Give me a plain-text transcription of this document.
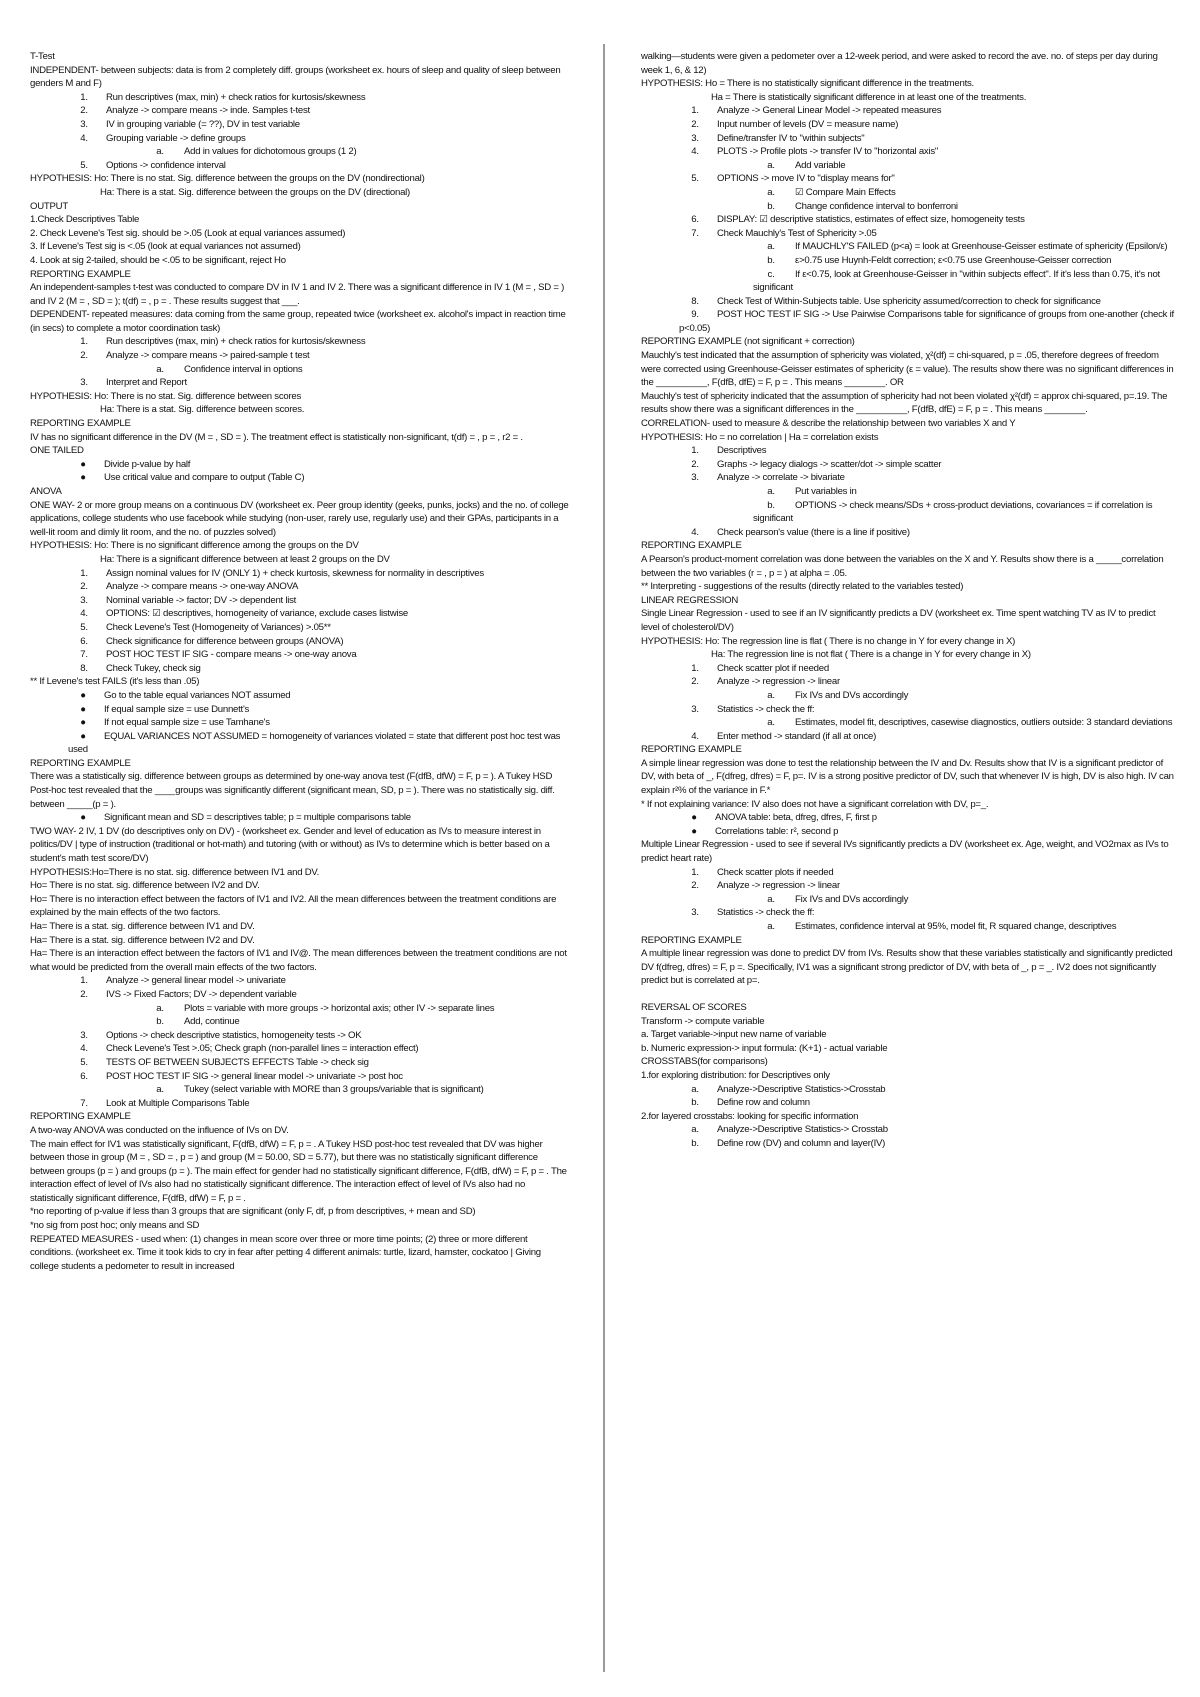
T-Test

INDEPENDENT- between subjects: data is from 2 completely diff. groups (worksheet ex. hours of sleep and quality of sleep between genders M and F)

1. Run descriptives (max, min) + check ratios for kurtosis/skewness

2. Analyze -> compare means -> inde. Samples t-test

3. IV in grouping variable (= ??), DV in test variable

4. Grouping variable -> define groups

a. Add in values for dichotomous groups (1 2)

5. Options -> confidence interval

HYPOTHESIS: Ho: There is no stat. Sig. difference between the groups on the DV (nondirectional)

Ha: There is a stat. Sig. difference between the groups on the DV (directional)

OUTPUT

1.Check Descriptives Table

2. Check Levene's Test sig. should be >.05 (Look at equal variances assumed)

3. If Levene's Test sig is <.05 (look at equal variances not assumed)

4. Look at sig 2-tailed, should be <.05 to be significant, reject Ho

REPORTING EXAMPLE

An independent-samples t-test was conducted to compare DV in IV 1 and IV 2. There was a significant difference in IV 1 (M = , SD = ) and IV 2 (M = , SD = ); t(df) = , p = . These results suggest that ___.

DEPENDENT- repeated measures: data coming from the same group, repeated twice (worksheet ex. alcohol's impact in reaction time (in secs) to complete a motor coordination task)

1. Run descriptives (max, min) + check ratios for kurtosis/skewness

2. Analyze -> compare means -> paired-sample t test

a. Confidence interval in options

3. Interpret and Report

HYPOTHESIS: Ho: There is no stat. Sig. difference between scores

Ha: There is a stat. Sig. difference between scores.

REPORTING EXAMPLE

IV has no significant difference in the DV (M = , SD = ). The treatment effect is statistically non-significant, t(df) = , p = , r2 = .

ONE TAILED

● Divide p-value by half

● Use critical value and compare to output (Table C)

ANOVA

ONE WAY- 2 or more group means on a continuous DV (worksheet ex. Peer group identity (geeks, punks, jocks) and the no. of college applications, college students who use facebook while studying (non-user, rarely use, regularly use) and their GPAs, participants in a well-lit room and dimly lit room, and the no. of puzzles solved)

HYPOTHESIS: Ho: There is no significant difference among the groups on the DV

Ha: There is a significant difference between at least 2 groups on the DV

1. Assign nominal values for IV (ONLY 1) + check kurtosis, skewness for normality in descriptives

2. Analyze -> compare means -> one-way ANOVA

3. Nominal variable -> factor; DV -> dependent list

4. OPTIONS: ☑ descriptives, homogeneity of variance, exclude cases listwise

5. Check Levene's Test (Homogeneity of Variances) >.05**

6. Check significance for difference between groups (ANOVA)

7. POST HOC TEST IF SIG - compare means -> one-way anova

8. Check Tukey, check sig

** If Levene's test FAILS (it's less than .05)

● Go to the table equal variances NOT assumed

● If equal sample size = use Dunnett's

● If not equal sample size = use Tamhane's

● EQUAL VARIANCES NOT ASSUMED = homogeneity of variances violated = state that different post hoc test was used

REPORTING EXAMPLE

There was a statistically sig. difference between groups as determined by one-way anova test (F(dfB, dfW) = F, p = ). A Tukey HSD Post-hoc test revealed that the ____groups was significantly different (significant mean, SD, p = ). There was no statistically sig. diff. between _____(p = ).

● Significant mean and SD = descriptives table; p = multiple comparisons table

TWO WAY- 2 IV, 1 DV (do descriptives only on DV) - (worksheet ex. Gender and level of education as IVs to measure interest in politics/DV | type of instruction (traditional or hot-math) and tutoring (with or without) as IVs to determine which is better based on a student's math test score/DV)

HYPOTHESIS:Ho=There is no stat. sig. difference between IV1 and DV.

Ho= There is no stat. sig. difference between IV2 and DV.

Ho= There is no interaction effect between the factors of IV1 and IV2. All the mean differences between the treatment conditions are explained by the main effects of the two factors.

Ha= There is a stat. sig. difference between IV1 and DV.

Ha= There is a stat. sig. difference between IV2 and DV.

Ha= There is an interaction effect between the factors of IV1 and IV@. The mean differences between the treatment conditions are not what would be predicted from the overall main effects of the two factors.

1. Analyze -> general linear model -> univariate

2. IVS -> Fixed Factors; DV -> dependent variable

a. Plots = variable with more groups -> horizontal axis; other IV -> separate lines

b. Add, continue

3. Options -> check descriptive statistics, homogeneity tests -> OK

4. Check Levene's Test >.05; Check graph (non-parallel lines = interaction effect)

5. TESTS OF BETWEEN SUBJECTS EFFECTS Table -> check sig

6. POST HOC TEST IF SIG -> general linear model -> univariate -> post hoc

a. Tukey (select variable with MORE than 3 groups/variable that is significant)

7. Look at Multiple Comparisons Table

REPORTING EXAMPLE

A two-way ANOVA was conducted on the influence of IVs on DV.

The main effect for IV1 was statistically significant, F(dfB, dfW) = F, p = . A Tukey HSD post-hoc test revealed that DV was higher between those in group (M = , SD = , p = ) and group (M = 50.00, SD = 5.77), but there was no statistically significant difference between groups (p = ) and groups (p = ). The main effect for gender had no statistically significant difference, F(dfB, dfW) = F, p = . The interaction effect of level of IVs also had no statistically significant difference. The interaction effect of level of IVs also had no statistically significant difference, F(dfB, dfW) = F, p = .

*no reporting of p-value if less than 3 groups that are significant (only F, df, p from descriptives, + mean and SD)

*no sig from post hoc; only means and SD

REPEATED MEASURES - used when: (1) changes in mean score over three or more time points; (2) three or more different conditions. (worksheet ex. Time it took kids to cry in fear after petting 4 different animals: turtle, lizard, hamster, cockatoo | Giving college students a pedometer to result in increased

walking—students were given a pedometer over a 12-week period, and were asked to record the ave. no. of steps per day during week 1, 6, & 12)

HYPOTHESIS: Ho = There is no statistically significant difference in the treatments.

Ha = There is statistically significant difference in at least one of the treatments.

1. Analyze -> General Linear Model -> repeated measures

2. Input number of levels (DV = measure name)

3. Define/transfer IV to "within subjects"

4. PLOTS -> Profile plots -> transfer IV to "horizontal axis"

a. Add variable

5. OPTIONS -> move IV to "display means for"

a. ☑ Compare Main Effects

b. Change confidence interval to bonferroni

6. DISPLAY: ☑ descriptive statistics, estimates of effect size, homogeneity tests

7. Check Mauchly's Test of Sphericity >.05

a. If MAUCHLY'S FAILED (p<a) = look at Greenhouse-Geisser estimate of sphericity (Epsilon/ε)

b. ε>0.75 use Huynh-Feldt correction; ε<0.75 use Greenhouse-Geisser correction

c. If ε<0.75, look at Greenhouse-Geisser in "within subjects effect". If it's less than 0.75, it's not significant

8. Check Test of Within-Subjects table. Use sphericity assumed/correction to check for significance

9. POST HOC TEST IF SIG -> Use Pairwise Comparisons table for significance of groups from one-another (check if p<0.05)

REPORTING EXAMPLE (not significant + correction)

Mauchly's test indicated that the assumption of sphericity was violated, χ²(df) = chi-squared, p = .05, therefore degrees of freedom were corrected using Greenhouse-Geisser estimates of sphericity (ε = value). The results show there was no significant differences in the __________, F(dfB, dfE) = F, p = . This means ________. OR

Mauchly's test of sphericity indicated that the assumption of sphericity had not been violated χ²(df) = approx chi-squared, p=.19. The results show there was a significant differences in the __________, F(dfB, dfE) = F, p = . This means ________.

CORRELATION- used to measure & describe the relationship between two variables X and Y

HYPOTHESIS: Ho = no correlation | Ha = correlation exists

1. Descriptives

2. Graphs -> legacy dialogs -> scatter/dot -> simple scatter

3. Analyze -> correlate -> bivariate

a. Put variables in

b. OPTIONS -> check means/SDs + cross-product deviations, covariances = if correlation is significant

4. Check pearson's value (there is a line if positive)

REPORTING EXAMPLE

A Pearson's product-moment correlation was done between the variables on the X and Y. Results show there is a _____correlation between the two variables (r = , p = ) at alpha = .05.

** Interpreting - suggestions of the results (directly related to the variables tested)

LINEAR REGRESSION

Single Linear Regression - used to see if an IV significantly predicts a DV (worksheet ex. Time spent watching TV as IV to predict level of cholesterol/DV)

HYPOTHESIS: Ho: The regression line is flat ( There is no change in Y for every change in X)

Ha: The regression line is not flat ( There is a change in Y for every change in X)

1. Check scatter plot if needed

2. Analyze -> regression -> linear

a. Fix IVs and DVs accordingly

3. Statistics -> check the ff:

a. Estimates, model fit, descriptives, casewise diagnostics, outliers outside: 3 standard deviations

4. Enter method -> standard (if all at once)

REPORTING EXAMPLE

A simple linear regression was done to test the relationship between the IV and Dv. Results show that IV is a significant predictor of DV, with beta of _, F(dfreg, dfres) = F, p=. IV is a strong positive predictor of DV, such that whenever IV is high, DV is also high. IV can explain r²% of the variance in F.*

* If not explaining variance: IV also does not have a significant correlation with DV, p=_.

● ANOVA table: beta, dfreg, dfres, F, first p

● Correlations table: r², second p

Multiple Linear Regression - used to see if several IVs significantly predicts a DV (worksheet ex. Age, weight, and VO2max as IVs to predict heart rate)

1. Check scatter plots if needed

2. Analyze -> regression -> linear

a. Fix IVs and DVs accordingly

3. Statistics -> check the ff:

a. Estimates, confidence interval at 95%, model fit, R squared change, descriptives

REPORTING EXAMPLE

A multiple linear regression was done to predict DV from IVs. Results show that these variables statistically and significantly predicted DV f(dfreg, dfres) = F, p =. Specifically, IV1 was a significant strong predictor of DV, with beta of _, p = _. IV2 does not significantly predict but is correlated at p=.

REVERSAL OF SCORES

Transform -> compute variable

a. Target variable->input new name of variable

b. Numeric expression-> input formula: (K+1) - actual variable

CROSSTABS(for comparisons)

1.for exploring distribution: for Descriptives only

a. Analyze->Descriptive Statistics->Crosstab

b. Define row and column

2.for layered crosstabs: looking for specific information

a. Analyze->Descriptive Statistics-> Crosstab

b. Define row (DV) and column and layer(IV)
